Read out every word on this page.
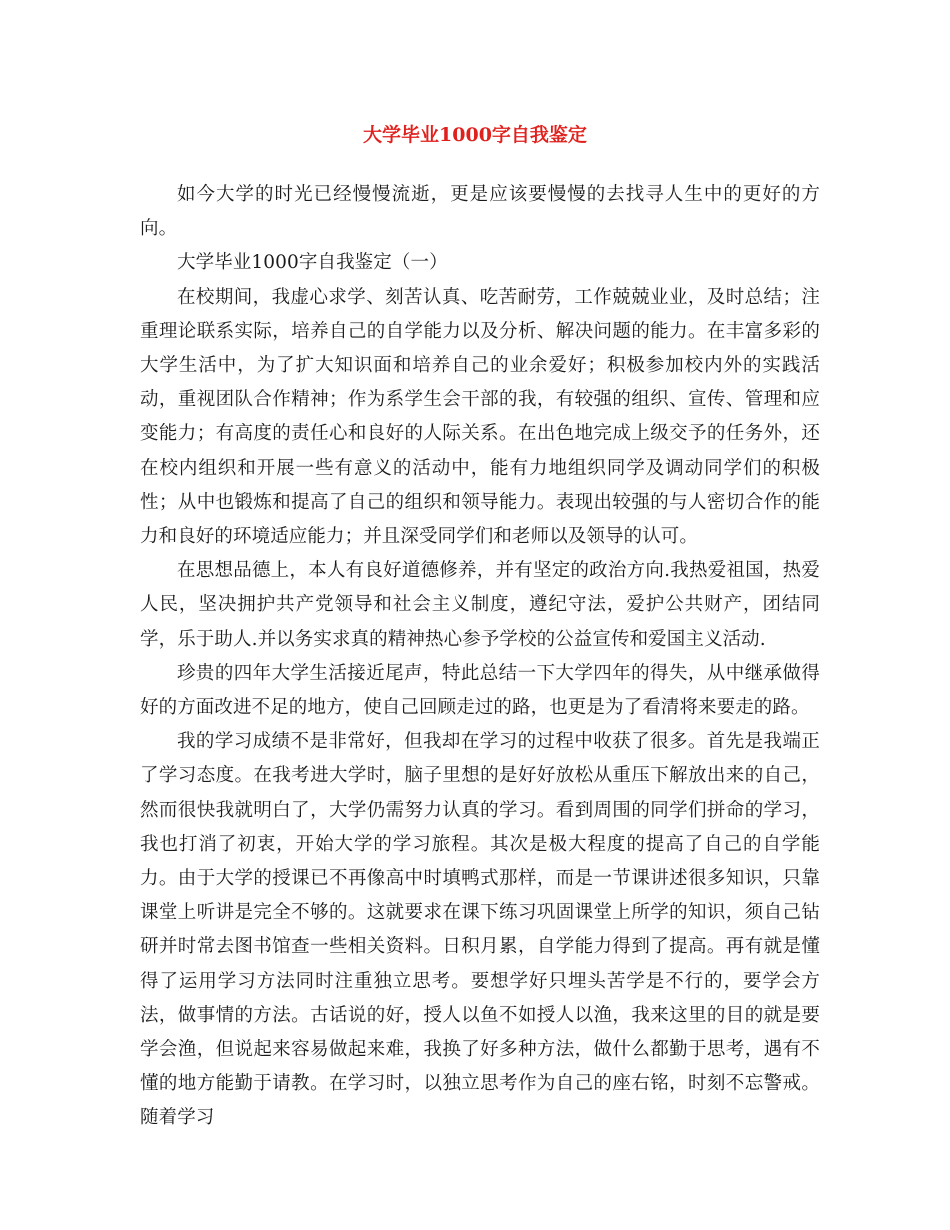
大学毕业1000字自我鉴定

如今大学的时光已经慢慢流逝，更是应该要慢慢的去找寻人生中的更好的方向。

大学毕业1000字自我鉴定（一）

在校期间，我虚心求学、刻苦认真、吃苦耐劳，工作兢兢业业，及时总结；注重理论联系实际，培养自己的自学能力以及分析、解决问题的能力。在丰富多彩的大学生活中，为了扩大知识面和培养自己的业余爱好；积极参加校内外的实践活动，重视团队合作精神；作为系学生会干部的我，有较强的组织、宣传、管理和应变能力；有高度的责任心和良好的人际关系。在出色地完成上级交予的任务外，还在校内组织和开展一些有意义的活动中，能有力地组织同学及调动同学们的积极性；从中也锻炼和提高了自己的组织和领导能力。表现出较强的与人密切合作的能力和良好的环境适应能力；并且深受同学们和老师以及领导的认可。

在思想品德上，本人有良好道德修养，并有坚定的政治方向.我热爱祖国，热爱人民，坚决拥护共产党领导和社会主义制度，遵纪守法，爱护公共财产，团结同学，乐于助人.并以务实求真的精神热心参予学校的公益宣传和爱国主义活动.

珍贵的四年大学生活接近尾声，特此总结一下大学四年的得失，从中继承做得好的方面改进不足的地方，使自己回顾走过的路，也更是为了看清将来要走的路。

我的学习成绩不是非常好，但我却在学习的过程中收获了很多。首先是我端正了学习态度。在我考进大学时，脑子里想的是好好放松从重压下解放出来的自己，然而很快我就明白了，大学仍需努力认真的学习。看到周围的同学们拼命的学习，我也打消了初衷，开始大学的学习旅程。其次是极大程度的提高了自己的自学能力。由于大学的授课已不再像高中时填鸭式那样，而是一节课讲述很多知识，只靠课堂上听讲是完全不够的。这就要求在课下练习巩固课堂上所学的知识，须自己钻研并时常去图书馆查一些相关资料。日积月累，自学能力得到了提高。再有就是懂得了运用学习方法同时注重独立思考。要想学好只埋头苦学是不行的，要学会方法，做事情的方法。古话说的好，授人以鱼不如授人以渔，我来这里的目的就是要学会渔，但说起来容易做起来难，我换了好多种方法，做什么都勤于思考，遇有不懂的地方能勤于请教。在学习时，以独立思考作为自己的座右铭，时刻不忘警戒。随着学习
